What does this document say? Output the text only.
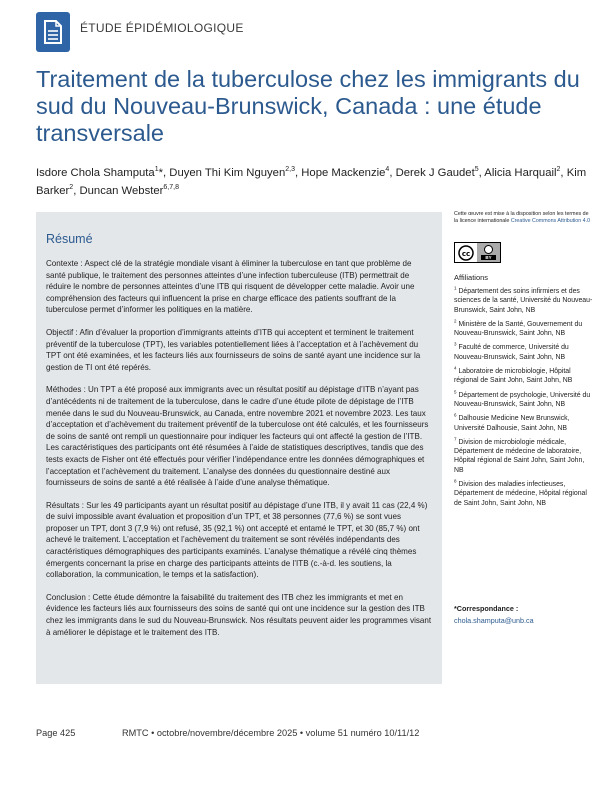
ÉTUDE ÉPIDÉMIOLOGIQUE
Traitement de la tuberculose chez les immigrants du sud du Nouveau-Brunswick, Canada : une étude transversale
Isdore Chola Shamputa$^1$*, Duyen Thi Kim Nguyen$^{2,3}$, Hope Mackenzie$^4$, Derek J Gaudet$^5$, Alicia Harquail$^2$, Kim Barker$^2$, Duncan Webster$^{6,7,8}$
Résumé

Contexte : Aspect clé de la stratégie mondiale visant à éliminer la tuberculose en tant que problème de santé publique, le traitement des personnes atteintes d’une infection tuberculeuse (ITB) permettrait de réduire le nombre de personnes atteintes d’une ITB qui risquent de développer cette maladie. Avoir une compréhension des facteurs qui influencent la prise en charge efficace des patients souffrant de la tuberculose permet d’informer les politiques en la matière.

Objectif : Afin d’évaluer la proportion d’immigrants atteints d’ITB qui acceptent et terminent le traitement préventif de la tuberculose (TPT), les variables potentiellement liées à l’acceptation et à l’achèvement du TPT ont été examinées, et les facteurs liés aux fournisseurs de soins de santé ayant une incidence sur la gestion de TI ont été repérés.

Méthodes : Un TPT a été proposé aux immigrants avec un résultat positif au dépistage d’ITB n’ayant pas d’antécédents ni de traitement de la tuberculose, dans le cadre d’une étude pilote de dépistage de l’ITB menée dans le sud du Nouveau-Brunswick, au Canada, entre novembre 2021 et novembre 2023. Les taux d’acceptation et d’achèvement du traitement préventif de la tuberculose ont été calculés, et les fournisseurs de soins de santé ont rempli un questionnaire pour indiquer les facteurs qui ont affecté la gestion de l’ITB. Les caractéristiques des participants ont été résumées à l’aide de statistiques descriptives, tandis que des tests exacts de Fisher ont été effectués pour vérifier l’indépendance entre les données démographiques et l’acceptation et l’achèvement du traitement. L’analyse des données du questionnaire destiné aux fournisseurs de soins de santé a été réalisée à l’aide d’une analyse thématique.

Résultats : Sur les 49 participants ayant un résultat positif au dépistage d’une ITB, il y avait 11 cas (22,4 %) de suivi impossible avant évaluation et proposition d’un TPT, et 38 personnes (77,6 %) se sont vues proposer un TPT, dont 3 (7,9 %) ont refusé, 35 (92,1 %) ont accepté et entamé le TPT, et 30 (85,7 %) ont achevé le traitement. L’acceptation et l’achèvement du traitement se sont révélés indépendants des caractéristiques démographiques des participants examinés. L’analyse thématique a révélé cinq thèmes émergents concernant la prise en charge des participants atteints de l’ITB (c.-à-d. les soutiens, la collaboration, la communication, le temps et la satisfaction).

Conclusion : Cette étude démontre la faisabilité du traitement des ITB chez les immigrants et met en évidence les facteurs liés aux fournisseurs des soins de santé qui ont une incidence sur la gestion des ITB chez les immigrants dans le sud du Nouveau-Brunswick. Nos résultats peuvent aider les programmes visant à améliorer le dépistage et le traitement des ITB.

Cette œuvre est mise à la disposition selon les termes de la licence internationale Creative Commons Attribution 4.0
cc	BY
Affiliations
$^1$ Département des soins infirmiers et des sciences de la santé, Université du Nouveau-Brunswick, Saint John, NB
$^2$ Ministère de la Santé, Gouvernement du Nouveau-Brunswick, Saint John, NB
$^3$ Faculté de commerce, Université du Nouveau-Brunswick, Saint John, NB
$^4$ Laboratoire de microbiologie, Hôpital régional de Saint John, Saint John, NB
$^5$ Département de psychologie, Université du Nouveau-Brunswick, Saint John, NB
$^6$ Dalhousie Medicine New Brunswick, Université Dalhousie, Saint John, NB
$^7$ Division de microbiologie médicale, Département de médecine de laboratoire, Hôpital régional de Saint John, Saint John, NB
$^8$ Division des maladies infectieuses, Département de médecine, Hôpital régional de Saint John, Saint John, NB
*Correspondance :
chola.shamputa@unb.ca
Page 425	RMTC • octobre/novembre/décembre 2025 • volume 51 numéro 10/11/12
